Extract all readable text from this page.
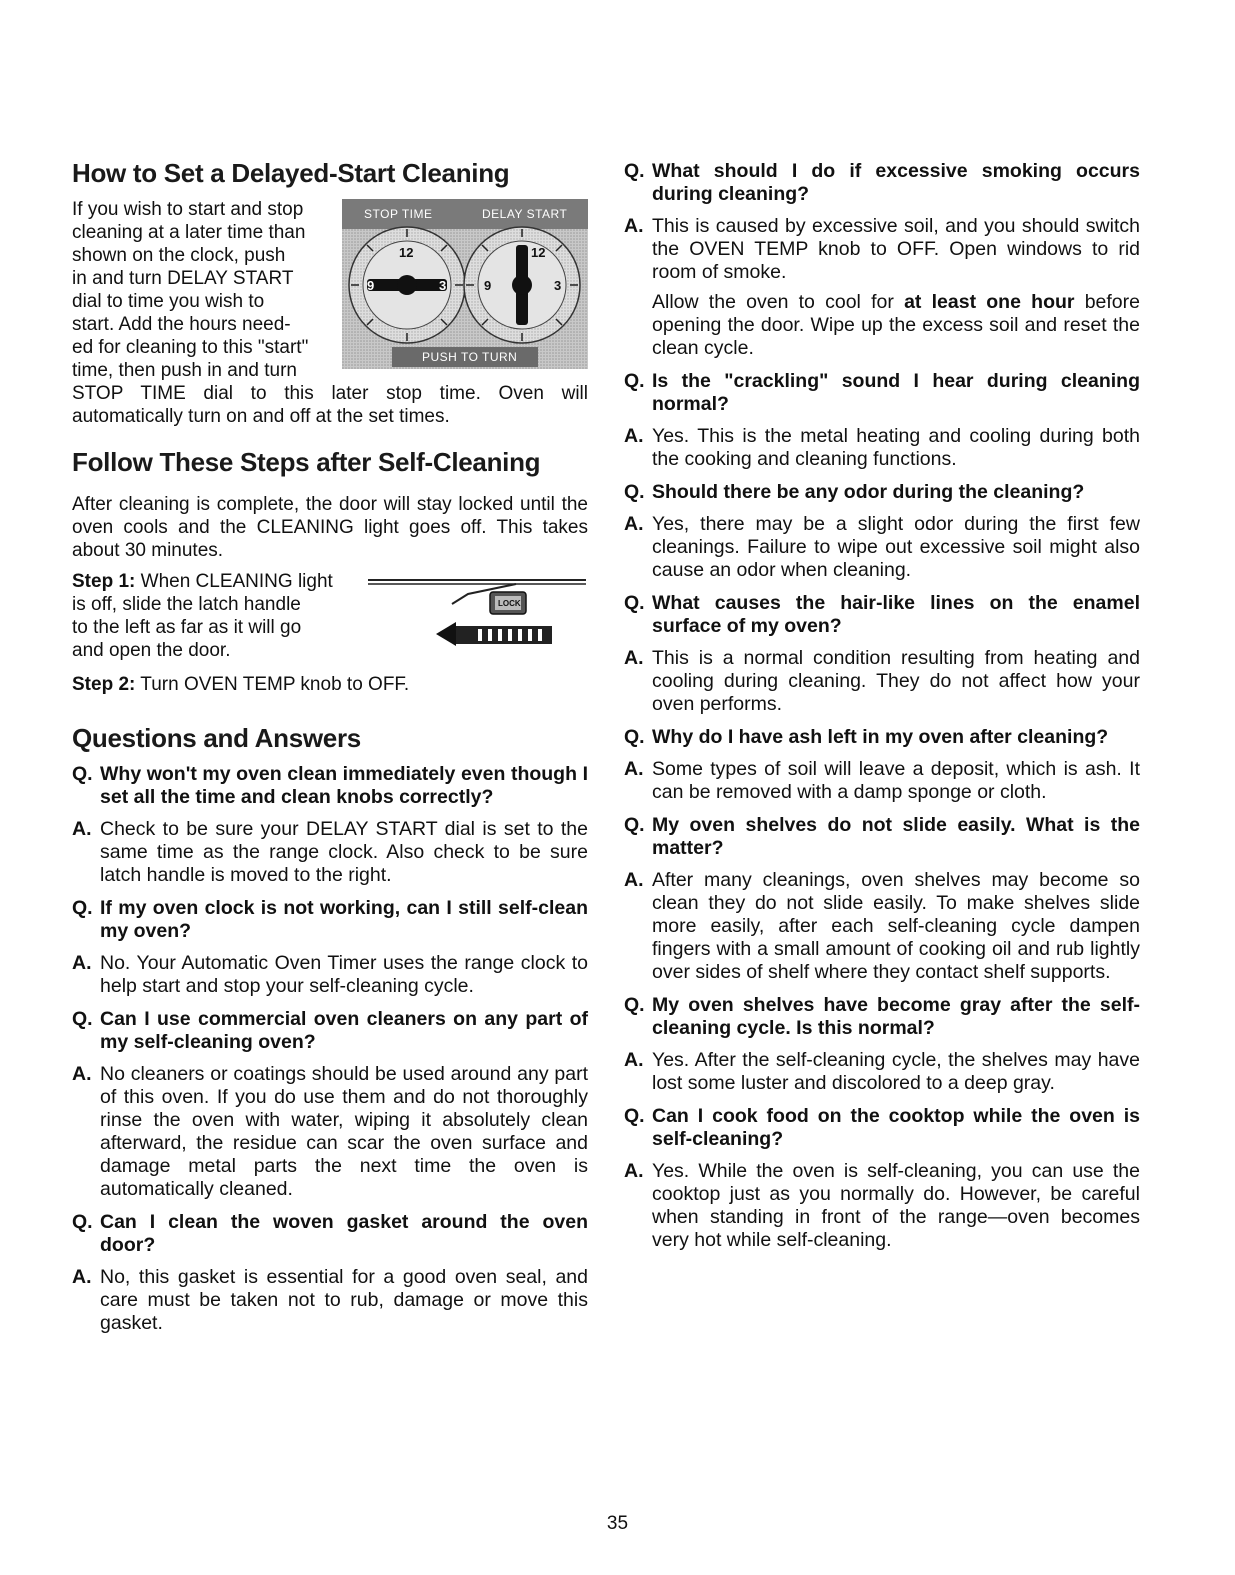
How to Set a Delayed-Start Cleaning
STOP TIME	DELAY START
PUSH TO TURN
12
9	3
12
9	3

If you wish to start and stop

cleaning at a later time than

shown on the clock, push

in and turn DELAY START

dial to time you wish to

start. Add the hours need-

ed for cleaning to this "start"

time, then push in and turn

STOP TIME dial to this later stop time. Oven will automatically turn on and off at the set times.

Follow These Steps after Self-Cleaning

After cleaning is complete, the door will stay locked until the oven cools and the CLEANING light goes off. This takes about 30 minutes.

Step 1: When CLEANING light

is off, slide the latch handle

to the left as far as it will go

and open the door.

LOCK

Step 2: Turn OVEN TEMP knob to OFF.

Questions and Answers
Q. Why won't my oven clean immediately even though I set all the time and clean knobs correctly?
A. Check to be sure your DELAY START dial is set to the same time as the range clock. Also check to be sure latch handle is moved to the right.
Q. If my oven clock is not working, can I still self-clean my oven?
A. No. Your Automatic Oven Timer uses the range clock to help start and stop your self-cleaning cycle.
Q. Can I use commercial oven cleaners on any part of my self-cleaning oven?
A. No cleaners or coatings should be used around any part of this oven. If you do use them and do not thoroughly rinse the oven with water, wiping it absolutely clean afterward, the residue can scar the oven surface and damage metal parts the next time the oven is automatically cleaned.
Q. Can I clean the woven gasket around the oven door?
A. No, this gasket is essential for a good oven seal, and care must be taken not to rub, damage or move this gasket.
Q. What should I do if excessive smoking occurs during cleaning?
A. This is caused by excessive soil, and you should switch the OVEN TEMP knob to OFF. Open windows to rid room of smoke.
Allow the oven to cool for at least one hour before opening the door. Wipe up the excess soil and reset the clean cycle.
Q. Is the "crackling" sound I hear during cleaning normal?
A. Yes. This is the metal heating and cooling during both the cooking and cleaning functions.
Q. Should there be any odor during the cleaning?
A. Yes, there may be a slight odor during the first few cleanings. Failure to wipe out excessive soil might also cause an odor when cleaning.
Q. What causes the hair-like lines on the enamel surface of my oven?
A. This is a normal condition resulting from heating and cooling during cleaning. They do not affect how your oven performs.
Q. Why do I have ash left in my oven after cleaning?
A. Some types of soil will leave a deposit, which is ash. It can be removed with a damp sponge or cloth.
Q. My oven shelves do not slide easily. What is the matter?
A. After many cleanings, oven shelves may become so clean they do not slide easily. To make shelves slide more easily, after each self-cleaning cycle dampen fingers with a small amount of cooking oil and rub lightly over sides of shelf where they contact shelf supports.
Q. My oven shelves have become gray after the self-cleaning cycle. Is this normal?
A. Yes. After the self-cleaning cycle, the shelves may have lost some luster and discolored to a deep gray.
Q. Can I cook food on the cooktop while the oven is self-cleaning?
A. Yes. While the oven is self-cleaning, you can use the cooktop just as you normally do. However, be careful when standing in front of the range—oven becomes very hot while self-cleaning.
35
